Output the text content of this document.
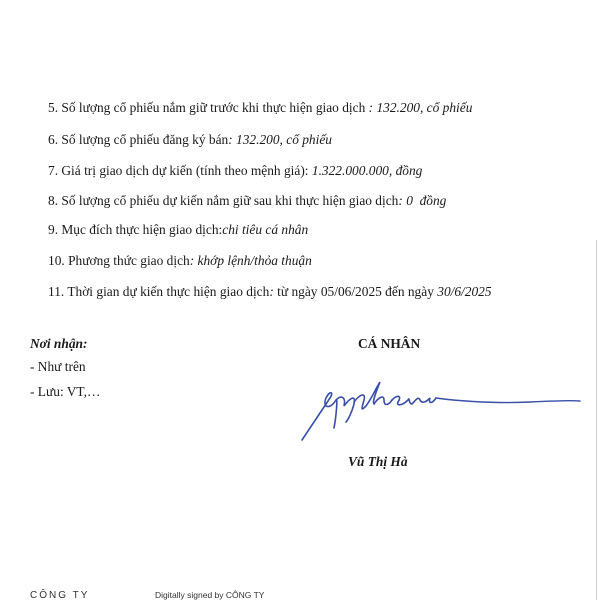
5. Số lượng cổ phiếu nắm giữ trước khi thực hiện giao dịch : 132.200, cổ phiếu
6. Số lượng cổ phiếu đăng ký bán: 132.200, cổ phiếu
7. Giá trị giao dịch dự kiến (tính theo mệnh giá): 1.322.000.000, đồng
8. Số lượng cổ phiếu dự kiến nắm giữ sau khi thực hiện giao dịch: 0  đồng
9. Mục đích thực hiện giao dịch:chi tiêu cá nhân
10. Phương thức giao dịch: khớp lệnh/thỏa thuận
11. Thời gian dự kiến thực hiện giao dịch: từ ngày 05/06/2025 đến ngày 30/6/2025
Nơi nhận:
- Như trên
- Lưu: VT,…
CÁ NHÂN
Vũ Thị Hà
CÔNG TY	Digitally signed by CÔNG TY
